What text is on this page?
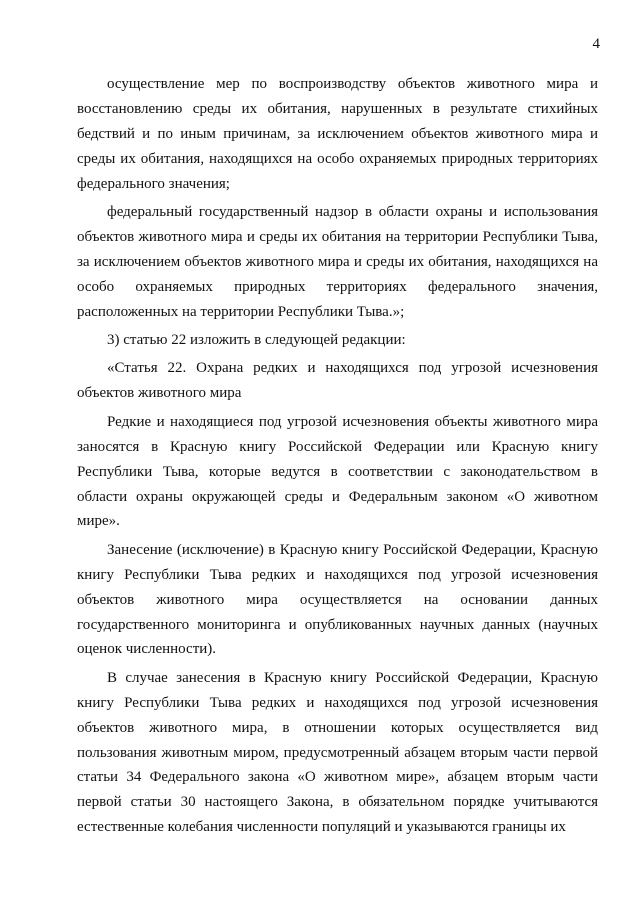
4

осуществление мер по воспроизводству объектов животного мира и восстановлению среды их обитания, нарушенных в результате стихийных бедствий и по иным причинам, за исключением объектов животного мира и среды их обитания, находящихся на особо охраняемых природных территориях федерального значения;

федеральный государственный надзор в области охраны и использования объектов животного мира и среды их обитания на территории Республики Тыва, за исключением объектов животного мира и среды их обитания, находящихся на особо охраняемых природных территориях федерального значения, расположенных на территории Республики Тыва.»;

3) статью 22 изложить в следующей редакции:

«Статья 22. Охрана редких и находящихся под угрозой исчезновения объектов животного мира

Редкие и находящиеся под угрозой исчезновения объекты животного мира заносятся в Красную книгу Российской Федерации или Красную книгу Республики Тыва, которые ведутся в соответствии с законодательством в области охраны окружающей среды и Федеральным законом «О животном мире».

Занесение (исключение) в Красную книгу Российской Федерации, Красную книгу Республики Тыва редких и находящихся под угрозой исчезновения объектов животного мира осуществляется на основании данных государственного мониторинга и опубликованных научных данных (научных оценок численности).

В случае занесения в Красную книгу Российской Федерации, Красную книгу Республики Тыва редких и находящихся под угрозой исчезновения объектов животного мира, в отношении которых осуществляется вид пользования животным миром, предусмотренный абзацем вторым части первой статьи 34 Федерального закона «О животном мире», абзацем вторым части первой статьи 30 настоящего Закона, в обязательном порядке учитываются естественные колебания численности популяций и указываются границы их
